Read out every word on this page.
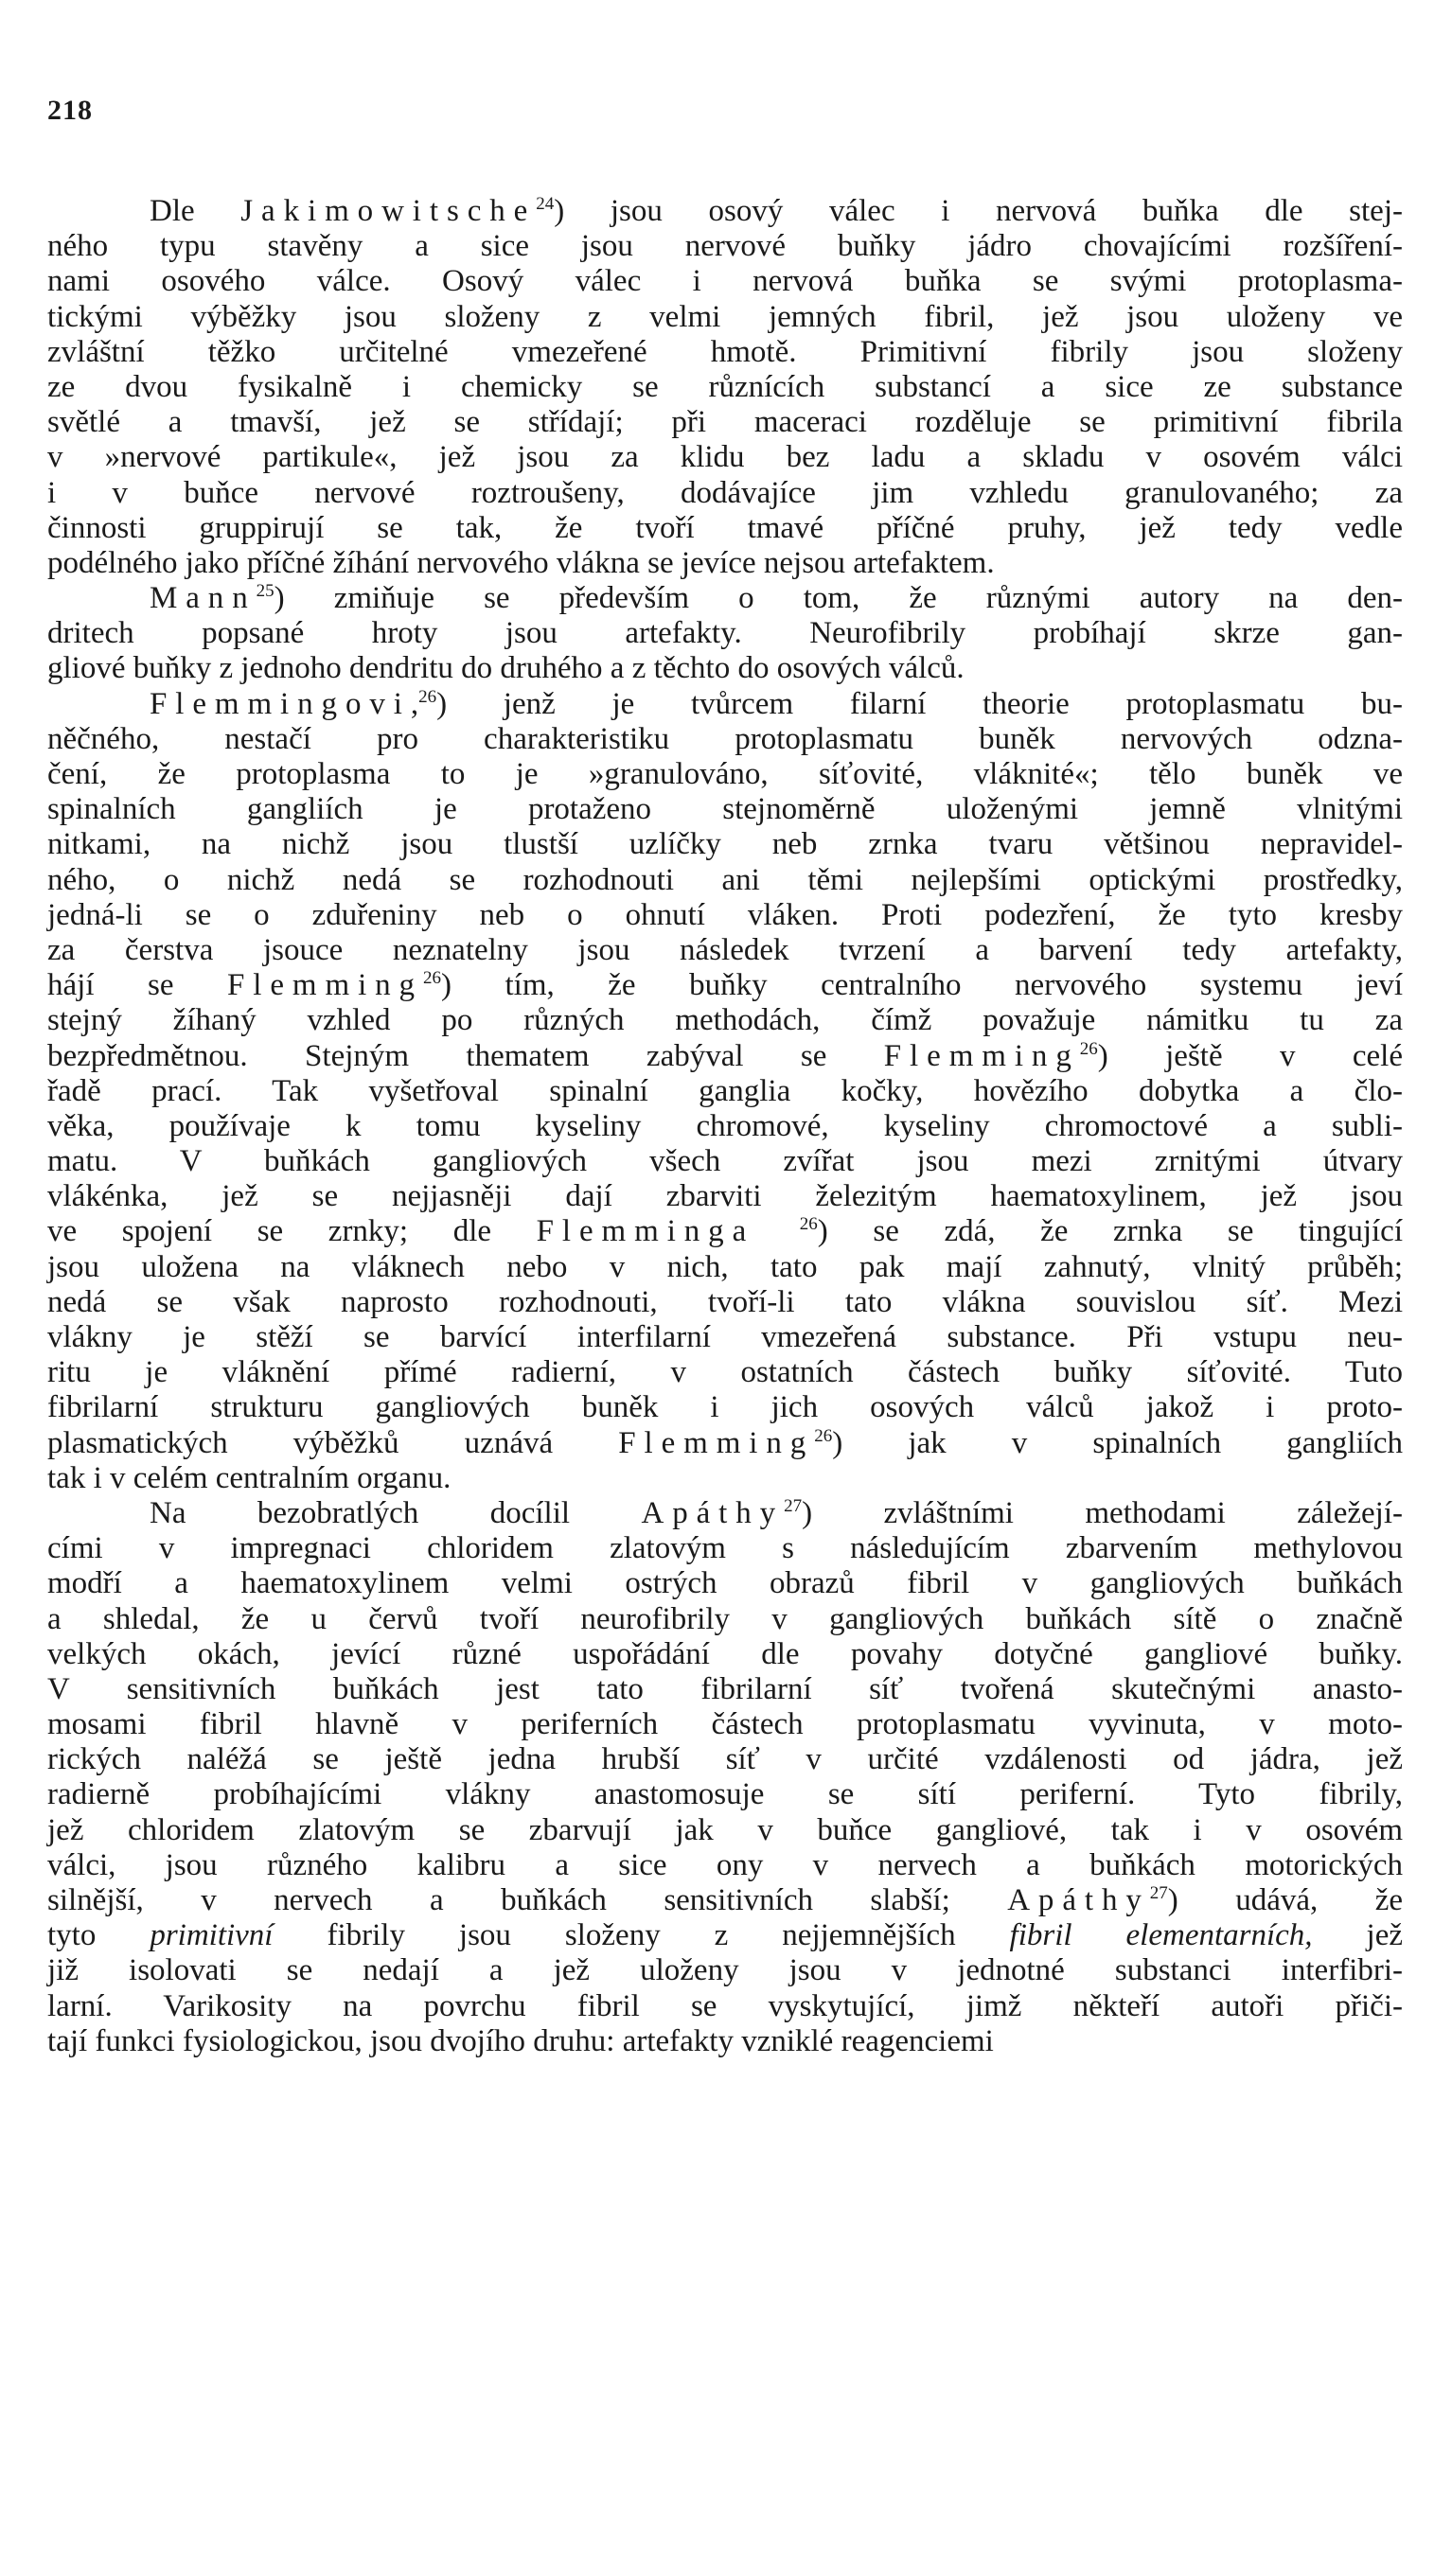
218
Dle Jakimowitsche$^{24}$) jsou osový válec i nervová buňka dle stej-
ného typu stavěny a sice jsou nervové buňky jádro chovajícími rozšíření-
nami osového válce. Osový válec i nervová buňka se svými protoplasma-
tickými výběžky jsou složeny z velmi jemných fibril, jež jsou uloženy ve
zvláštní těžko určitelné vmezeřené hmotě. Primitivní fibrily jsou složeny
ze dvou fysikalně i chemicky se různících substancí a sice ze substance
světlé a tmavší, jež se střídají; při maceraci rozděluje se primitivní fibrila
v »nervové partikule«, jež jsou za klidu bez ladu a skladu v osovém válci
i v buňce nervové roztroušeny, dodávajíce jim vzhledu granulovaného; za
činnosti gruppirují se tak, že tvoří tmavé příčné pruhy, jež tedy vedle
podélného jako příčné žíhání nervového vlákna se jevíce nejsou artefaktem.
Mann$^{25}$) zmiňuje se především o tom, že různými autory na den-
dritech popsané hroty jsou artefakty. Neurofibrily probíhají skrze gan-
gliové buňky z jednoho dendritu do druhého a z těchto do osových válců.
Flemmingovi,$^{26}$) jenž je tvůrcem filarní theorie protoplasmatu bu-
něčného, nestačí pro charakteristiku protoplasmatu buněk nervových odzna-
čení, že protoplasma to je »granulováno, síťovité, vláknité«; tělo buněk ve
spinalních gangliích je protaženo stejnoměrně uloženými jemně vlnitými
nitkami, na nichž jsou tlustší uzlíčky neb zrnka tvaru většinou nepravidel-
ného, o nichž nedá se rozhodnouti ani těmi nejlepšími optickými prostředky,
jedná-li se o zduřeniny neb o ohnutí vláken. Proti podezření, že tyto kresby
za čerstva jsouce neznatelny jsou následek tvrzení a barvení tedy artefakty,
hájí se Flemming$^{26}$) tím, že buňky centralního nervového systemu jeví
stejný žíhaný vzhled po různých methodách, čímž považuje námitku tu za
bezpředmětnou. Stejným thematem zabýval se Flemming$^{26}$) ještě v celé
řadě prací. Tak vyšetřoval spinalní ganglia kočky, hovězího dobytka a člo-
věka, používaje k tomu kyseliny chromové, kyseliny chromoctové a subli-
matu. V buňkách gangliových všech zvířat jsou mezi zrnitými útvary
vlákénka, jež se nejjasněji dají zbarviti železitým haematoxylinem, jež jsou
ve spojení se zrnky; dle Flemminga	$^{26}$) se zdá, že zrnka se tingující
jsou uložena na vláknech nebo v nich, tato pak mají zahnutý, vlnitý průběh;
nedá se však naprosto rozhodnouti, tvoří-li tato vlákna souvislou síť. Mezi
vlákny je stěží se barvící interfilarní vmezeřená substance. Při vstupu neu-
ritu je vláknění přímé radierní, v ostatních částech buňky síťovité. Tuto
fibrilarní strukturu gangliových buněk i jich osových válců jakož i proto-
plasmatických výběžků uznává Flemming$^{26}$) jak v spinalních gangliích
tak i v celém centralním organu.
Na bezobratlých docílil Apáthy$^{27}$) zvláštními methodami záležejí-
cími v impregnaci chloridem zlatovým s následujícím zbarvením methylovou
modří a haematoxylinem velmi ostrých obrazů fibril v gangliových buňkách
a shledal, že u červů tvoří neurofibrily v gangliových buňkách sítě o značně
velkých okách, jevící různé uspořádání dle povahy dotyčné gangliové buňky.
V sensitivních buňkách jest tato fibrilarní síť tvořená skutečnými anasto-
mosami fibril hlavně v periferních částech protoplasmatu vyvinuta, v moto-
rických naléžá se ještě jedna hrubší síť v určité vzdálenosti od jádra, jež
radierně probíhajícími vlákny anastomosuje se sítí periferní. Tyto fibrily,
jež chloridem zlatovým se zbarvují jak v buňce gangliové, tak i v osovém
válci, jsou různého kalibru a sice ony v nervech a buňkách motorických
silnější, v nervech a buňkách sensitivních slabší; Apáthy$^{27}$) udává, že
tyto primitivní fibrily jsou složeny z nejjemnějších fibril elementarních, jež
již isolovati se nedají a jež uloženy jsou v jednotné substanci interfibri-
larní. Varikosity na povrchu fibril se vyskytující, jimž někteří autoři přiči-
tají funkci fysiologickou, jsou dvojího druhu: artefakty vzniklé reagenciemi
